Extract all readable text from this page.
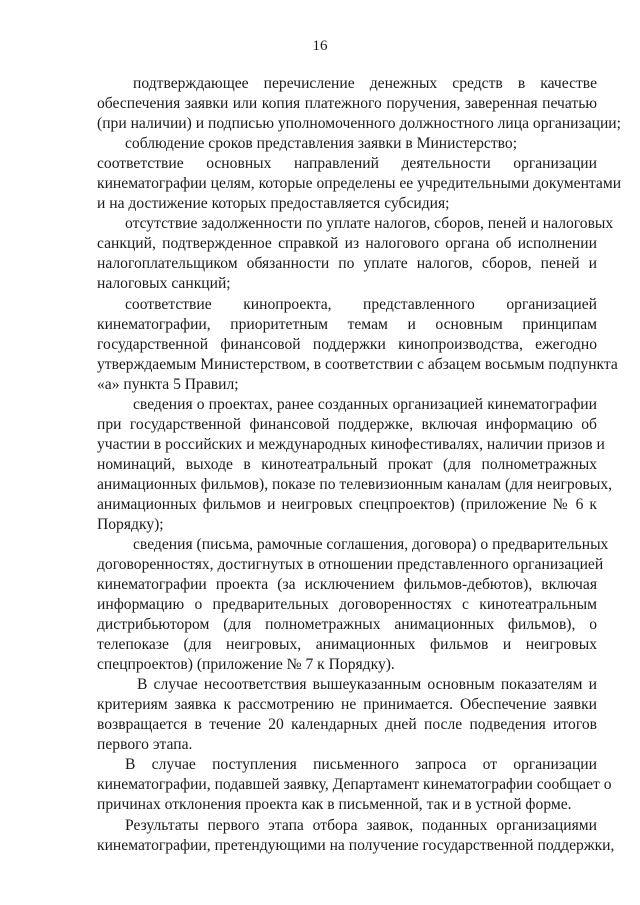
16
подтверждающее перечисление денежных средств в качестве
обеспечения заявки или копия платежного поручения, заверенная печатью
(при наличии) и подписью уполномоченного должностного лица организации;
соблюдение сроков представления заявки в Министерство;
соответствие основных направлений деятельности организации
кинематографии целям, которые определены ее учредительными документами
и на достижение которых предоставляется субсидия;
отсутствие задолженности по уплате налогов, сборов, пеней и налоговых
санкций, подтвержденное справкой из налогового органа об исполнении
налогоплательщиком обязанности по уплате налогов, сборов, пеней и
налоговых санкций;
соответствие кинопроекта, представленного организацией
кинематографии, приоритетным темам и основным принципам
государственной финансовой поддержки кинопроизводства, ежегодно
утверждаемым Министерством, в соответствии с абзацем восьмым подпункта
«а» пункта 5 Правил;
сведения о проектах, ранее созданных организацией кинематографии
при государственной финансовой поддержке, включая информацию об
участии в российских и международных кинофестивалях, наличии призов и
номинаций, выходе в кинотеатральный прокат (для полнометражных
анимационных фильмов), показе по телевизионным каналам (для неигровых,
анимационных фильмов и неигровых спецпроектов) (приложение № 6 к
Порядку);
сведения (письма, рамочные соглашения, договора) о предварительных
договоренностях, достигнутых в отношении представленного организацией
кинематографии проекта (за исключением фильмов-дебютов), включая
информацию о предварительных договоренностях с кинотеатральным
дистрибьютором (для полнометражных анимационных фильмов), о
телепоказе (для неигровых, анимационных фильмов и неигровых
спецпроектов) (приложение № 7 к Порядку).
В случае несоответствия вышеуказанным основным показателям и
критериям заявка к рассмотрению не принимается. Обеспечение заявки
возвращается в течение 20 календарных дней после подведения итогов
первого этапа.
В случае поступления письменного запроса от организации
кинематографии, подавшей заявку, Департамент кинематографии сообщает о
причинах отклонения проекта как в письменной, так и в устной форме.
Результаты первого этапа отбора заявок, поданных организациями
кинематографии, претендующими на получение государственной поддержки,
